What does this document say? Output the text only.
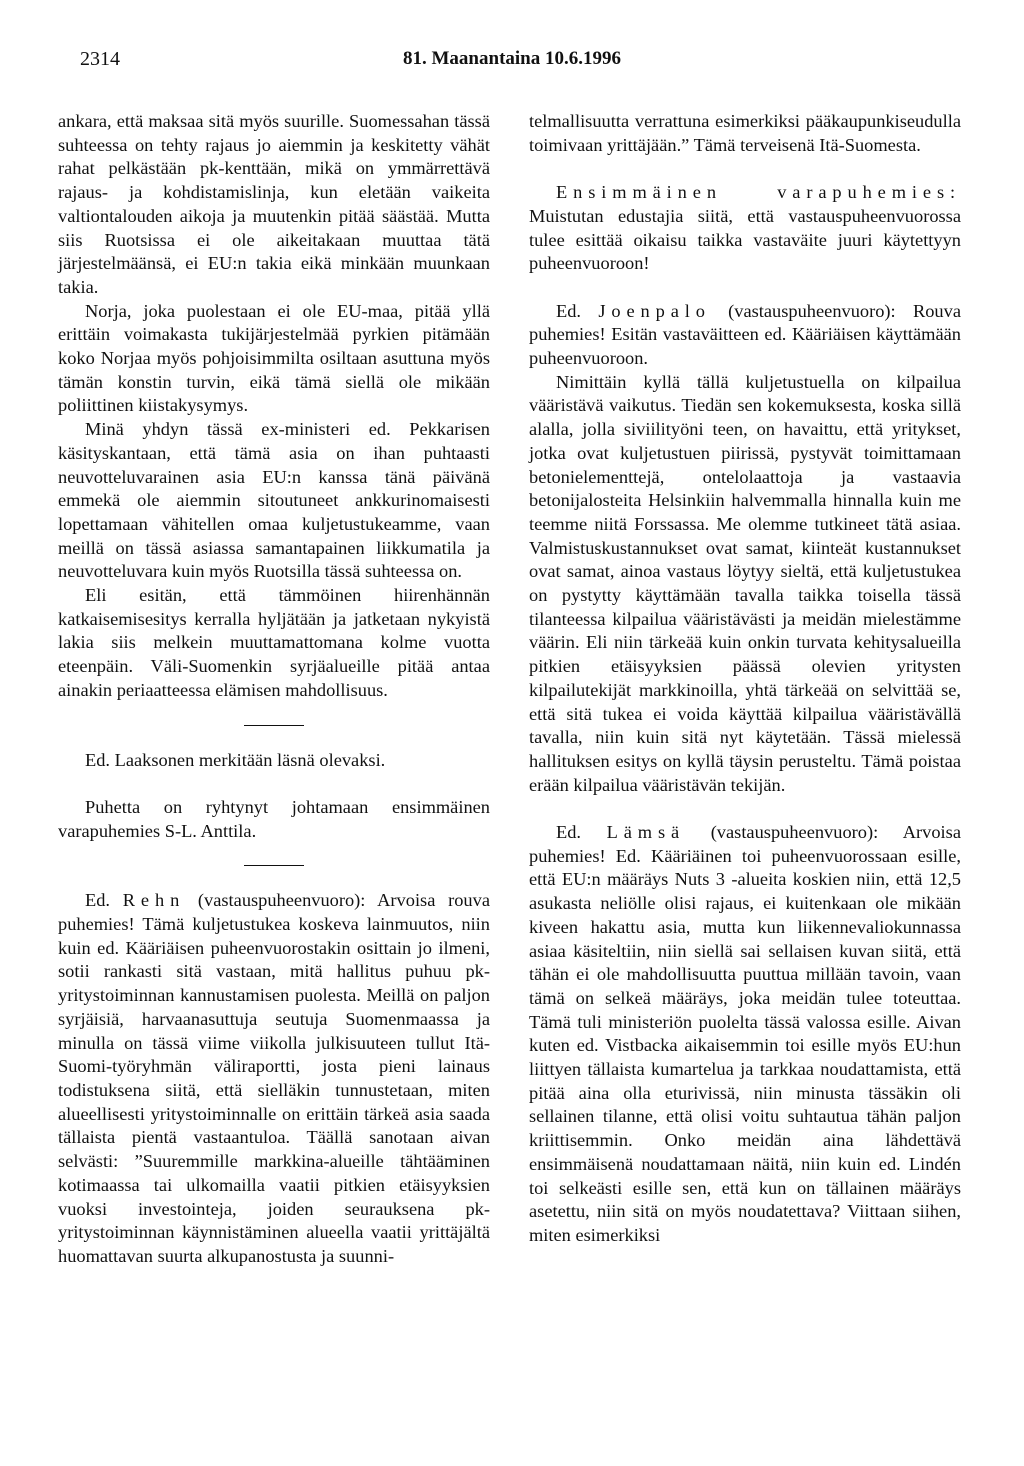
2314	81. Maanantaina 10.6.1996

ankara, että maksaa sitä myös suurille. Suomessahan tässä suhteessa on tehty rajaus jo aiemmin ja keskitetty vähät rahat pelkästään pk-kenttään, mikä on ymmärrettävä rajaus- ja kohdistamislinja, kun eletään vaikeita valtiontalouden aikoja ja muutenkin pitää säästää. Mutta siis Ruotsissa ei ole aikeitakaan muuttaa tätä järjestelmäänsä, ei EU:n takia eikä minkään muunkaan takia.

Norja, joka puolestaan ei ole EU-maa, pitää yllä erittäin voimakasta tukijärjestelmää pyrkien pitämään koko Norjaa myös pohjoisimmilta osiltaan asuttuna myös tämän konstin turvin, eikä tämä siellä ole mikään poliittinen kiistakysymys.

Minä yhdyn tässä ex-ministeri ed. Pekkarisen käsityskantaan, että tämä asia on ihan puhtaasti neuvotteluvarainen asia EU:n kanssa tänä päivänä emmekä ole aiemmin sitoutuneet ankkurinomaisesti lopettamaan vähitellen omaa kuljetustukeamme, vaan meillä on tässä asiassa samantapainen liikkumatila ja neuvotteluvara kuin myös Ruotsilla tässä suhteessa on.

Eli esitän, että tämmöinen hiirenhännän katkaisemisesitys kerralla hyljätään ja jatketaan nykyistä lakia siis melkein muuttamattomana kolme vuotta eteenpäin. Väli-Suomenkin syrjäalueille pitää antaa ainakin periaatteessa elämisen mahdollisuus.

Ed. Laaksonen merkitään läsnä olevaksi.

Puhetta on ryhtynyt johtamaan ensimmäinen varapuhemies S-L. Anttila.

Ed. Rehn (vastauspuheenvuoro): Arvoisa rouva puhemies! Tämä kuljetustukea koskeva lainmuutos, niin kuin ed. Kääriäisen puheenvuorostakin osittain jo ilmeni, sotii rankasti sitä vastaan, mitä hallitus puhuu pk-yritystoiminnan kannustamisen puolesta. Meillä on paljon syrjäisiä, harvaanasuttuja seutuja Suomenmaassa ja minulla on tässä viime viikolla julkisuuteen tullut Itä-Suomi-työryhmän väliraportti, josta pieni lainaus todistuksena siitä, että sielläkin tunnustetaan, miten alueellisesti yritystoiminnalle on erittäin tärkeä asia saada tällaista pientä vastaantuloa. Täällä sanotaan aivan selvästi: ”Suuremmille markkina-alueille tähtääminen kotimaassa tai ulkomailla vaatii pitkien etäisyyksien vuoksi investointeja, joiden seurauksena pk-yritystoiminnan käynnistäminen alueella vaatii yrittäjältä huomattavan suurta alkupanostusta ja suunni-

telmallisuutta verrattuna esimerkiksi pääkaupunkiseudulla toimivaan yrittäjään.” Tämä terveisenä Itä-Suomesta.

Ensimmäinen varapuhemies: Muistutan edustajia siitä, että vastauspuheenvuorossa tulee esittää oikaisu taikka vastaväite juuri käytettyyn puheenvuoroon!

Ed. Joenpalo (vastauspuheenvuoro): Rouva puhemies! Esitän vastaväitteen ed. Kääriäisen käyttämään puheenvuoroon.

Nimittäin kyllä tällä kuljetustuella on kilpailua vääristävä vaikutus. Tiedän sen kokemuksesta, koska sillä alalla, jolla siviilityöni teen, on havaittu, että yritykset, jotka ovat kuljetustuen piirissä, pystyvät toimittamaan betonielementtejä, ontelolaattoja ja vastaavia betonijalosteita Helsinkiin halvemmalla hinnalla kuin me teemme niitä Forssassa. Me olemme tutkineet tätä asiaa. Valmistuskustannukset ovat samat, kiinteät kustannukset ovat samat, ainoa vastaus löytyy sieltä, että kuljetustukea on pystytty käyttämään tavalla taikka toisella tässä tilanteessa kilpailua vääristävästi ja meidän mielestämme väärin. Eli niin tärkeää kuin onkin turvata kehitysalueilla pitkien etäisyyksien päässä olevien yritysten kilpailutekijät markkinoilla, yhtä tärkeää on selvittää se, että sitä tukea ei voida käyttää kilpailua vääristävällä tavalla, niin kuin sitä nyt käytetään. Tässä mielessä hallituksen esitys on kyllä täysin perusteltu. Tämä poistaa erään kilpailua vääristävän tekijän.

Ed. Lämsä (vastauspuheenvuoro): Arvoisa puhemies! Ed. Kääriäinen toi puheenvuorossaan esille, että EU:n määräys Nuts 3 -alueita koskien niin, että 12,5 asukasta neliölle olisi rajaus, ei kuitenkaan ole mikään kiveen hakattu asia, mutta kun liikennevaliokunnassa asiaa käsiteltiin, niin siellä sai sellaisen kuvan siitä, että tähän ei ole mahdollisuutta puuttua millään tavoin, vaan tämä on selkeä määräys, joka meidän tulee toteuttaa. Tämä tuli ministeriön puolelta tässä valossa esille. Aivan kuten ed. Vistbacka aikaisemmin toi esille myös EU:hun liittyen tällaista kumartelua ja tarkkaa noudattamista, että pitää aina olla eturivissä, niin minusta tässäkin oli sellainen tilanne, että olisi voitu suhtautua tähän paljon kriittisemmin. Onko meidän aina lähdettävä ensimmäisenä noudattamaan näitä, niin kuin ed. Lindén toi selkeästi esille sen, että kun on tällainen määräys asetettu, niin sitä on myös noudatettava? Viittaan siihen, miten esimerkiksi
